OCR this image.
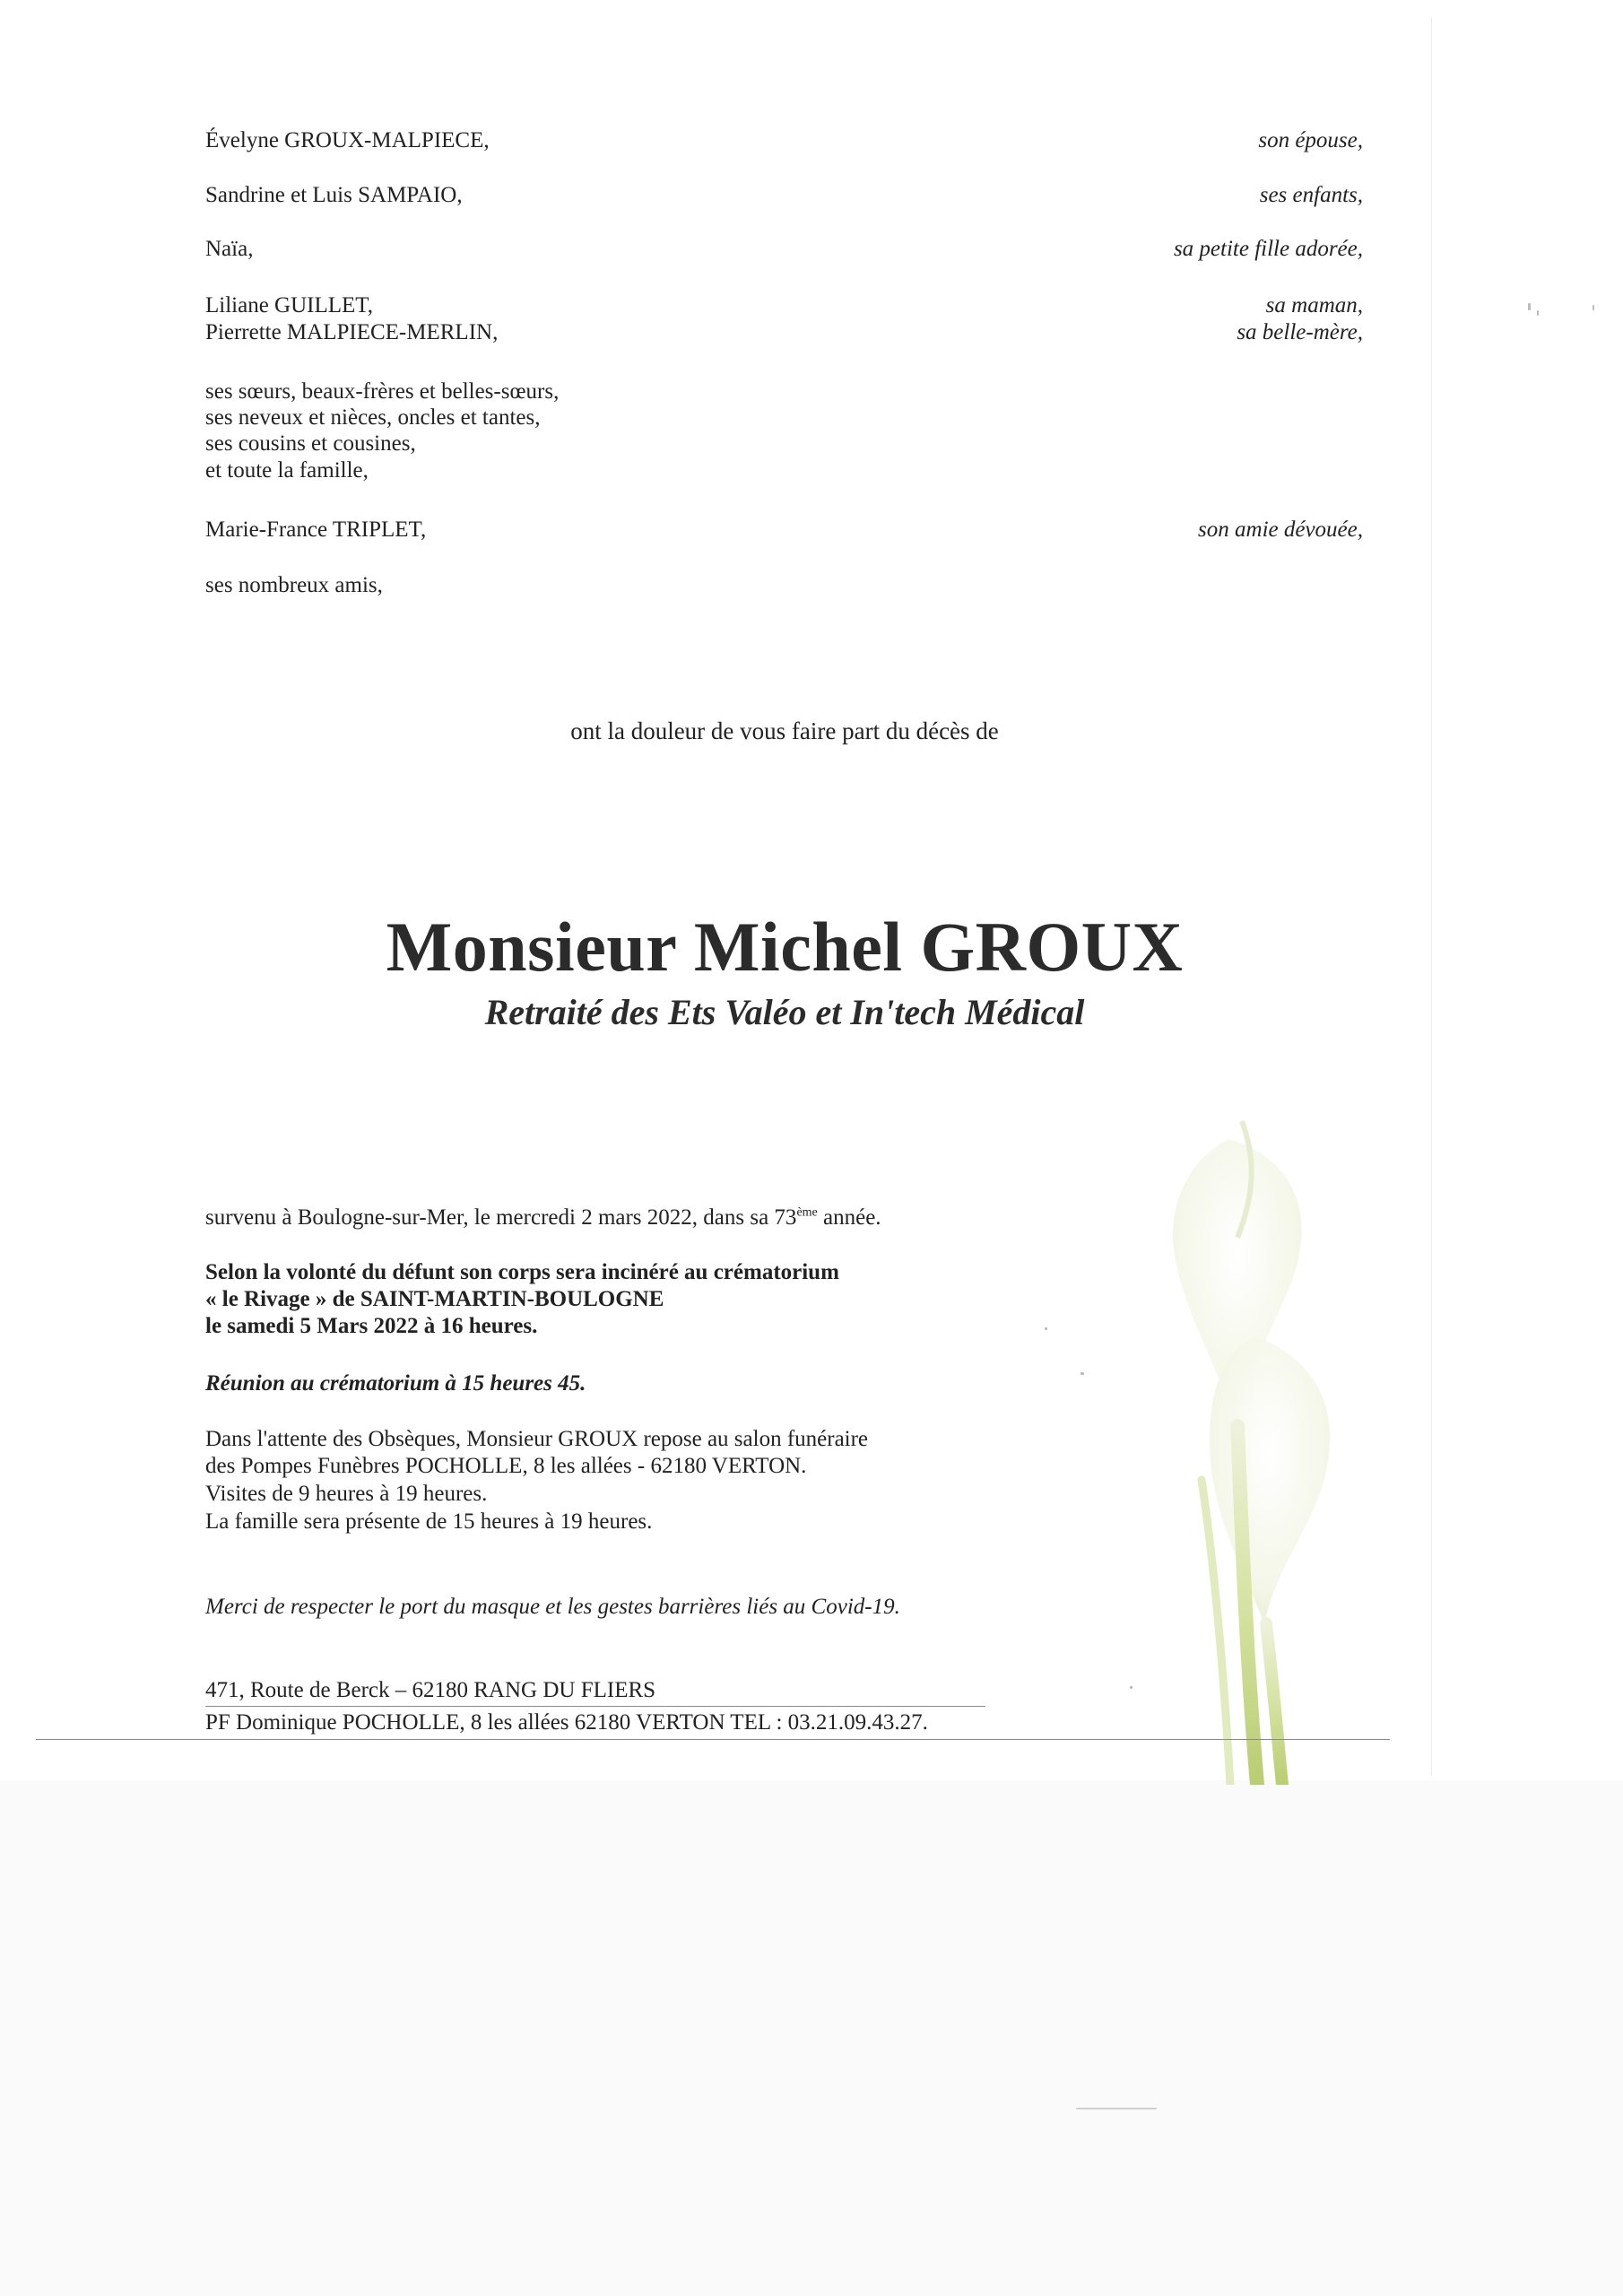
Évelyne GROUX-MALPIECE,	son épouse,
Sandrine et Luis SAMPAIO,	ses enfants,
Naïa,	sa petite fille adorée,
Liliane GUILLET,	sa maman,
Pierrette MALPIECE-MERLIN,	sa belle-mère,
ses sœurs, beaux-frères et belles-sœurs,
ses neveux et nièces, oncles et tantes,
ses cousins et cousines,
et toute la famille,
Marie-France TRIPLET,	son amie dévouée,
ses nombreux amis,
ont la douleur de vous faire part du décès de
Monsieur Michel GROUX
Retraité des Ets Valéo et In'tech Médical
survenu à Boulogne-sur-Mer, le mercredi 2 mars 2022, dans sa 73ème année.
Selon la volonté du défunt son corps sera incinéré au crématorium
« le Rivage » de SAINT-MARTIN-BOULOGNE
le samedi 5 Mars 2022 à 16 heures.
Réunion au crématorium à 15 heures 45.
Dans l'attente des Obsèques, Monsieur GROUX repose au salon funéraire
des Pompes Funèbres POCHOLLE, 8 les allées - 62180 VERTON.
Visites de 9 heures à 19 heures.
La famille sera présente de 15 heures à 19 heures.
Merci de respecter le port du masque et les gestes barrières liés au Covid-19.
471, Route de Berck – 62180 RANG DU FLIERS
PF Dominique POCHOLLE, 8 les allées 62180 VERTON TEL : 03.21.09.43.27.
